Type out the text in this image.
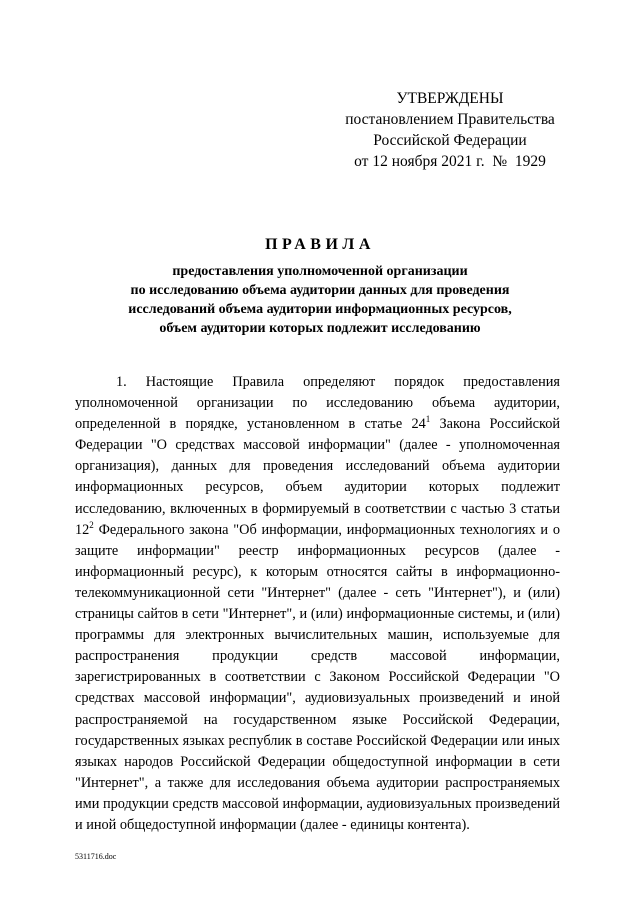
УТВЕРЖДЕНЫ
постановлением Правительства
Российской Федерации
от 12 ноября 2021 г.  №  1929
ПРАВИЛА
предоставления уполномоченной организации
по исследованию объема аудитории данных для проведения
исследований объема аудитории информационных ресурсов,
объем аудитории которых подлежит исследованию

1. Настоящие Правила определяют порядок предоставления уполномоченной организации по исследованию объема аудитории, определенной в порядке, установленном в статье $24^1$ Закона Российской Федерации "О средствах массовой информации" (далее - уполномоченная организация), данных для проведения исследований объема аудитории информационных ресурсов, объем аудитории которых подлежит исследованию, включенных в формируемый в соответствии с частью 3 статьи $12^2$ Федерального закона "Об информации, информационных технологиях и о защите информации" реестр информационных ресурсов (далее - информационный ресурс), к которым относятся сайты в информационно-телекоммуникационной сети "Интернет" (далее - сеть "Интернет"), и (или) страницы сайтов в сети "Интернет", и (или) информационные системы, и (или) программы для электронных вычислительных машин, используемые для распространения продукции средств массовой информации, зарегистрированных в соответствии с Законом Российской Федерации "О средствах массовой информации", аудиовизуальных произведений и иной распространяемой на государственном языке Российской Федерации, государственных языках республик в составе Российской Федерации или иных языках народов Российской Федерации общедоступной информации в сети "Интернет", а также для исследования объема аудитории распространяемых ими продукции средств массовой информации, аудиовизуальных произведений и иной общедоступной информации (далее - единицы контента).

5311716.doc
